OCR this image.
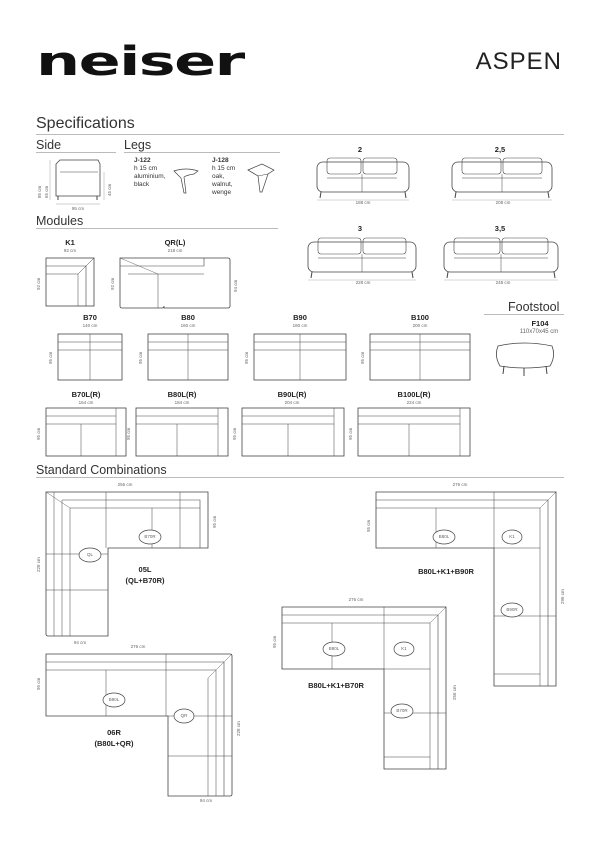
neiser	ASPEN
Specifications
Side	Legs
95 cm
85 cm 65 cm	45 cm
J-122
h 15 cm
aluminium,
black
J-128
h 15 cm
oak,
walnut,
wenge
2
188 cm
2,5
208 cm
3
228 cm
3,5
248 cm
Modules
K1
92 cm
92 cm
QR(L)
218 cm
92 cm	94 cm
B70
140 cm
95 cm
B80
160 cm
95 cm
B90
180 cm
95 cm
B100
200 cm
95 cm
Footstool
F104
110x70x45 cm
B70L(R)
164 cm
95 cm
B80L(R)
184 cm
95 cm
B90L(R)
204 cm
95 cm
B100L(R)
224 cm
95 cm
Standard Combinations
256 cm
QL
B70R
228 cm
95 cm
94 cm
05L
(QL+B70R)
276 cm
B80L	K1
B90R
95 cm
296 cm
B80L+K1+B90R
276 cm
B80L
QR
95 cm
228 cm
94 cm
06R
(B80L+QR)
276 cm
B80L	K1
B70R
95 cm
256 cm
B80L+K1+B70R
